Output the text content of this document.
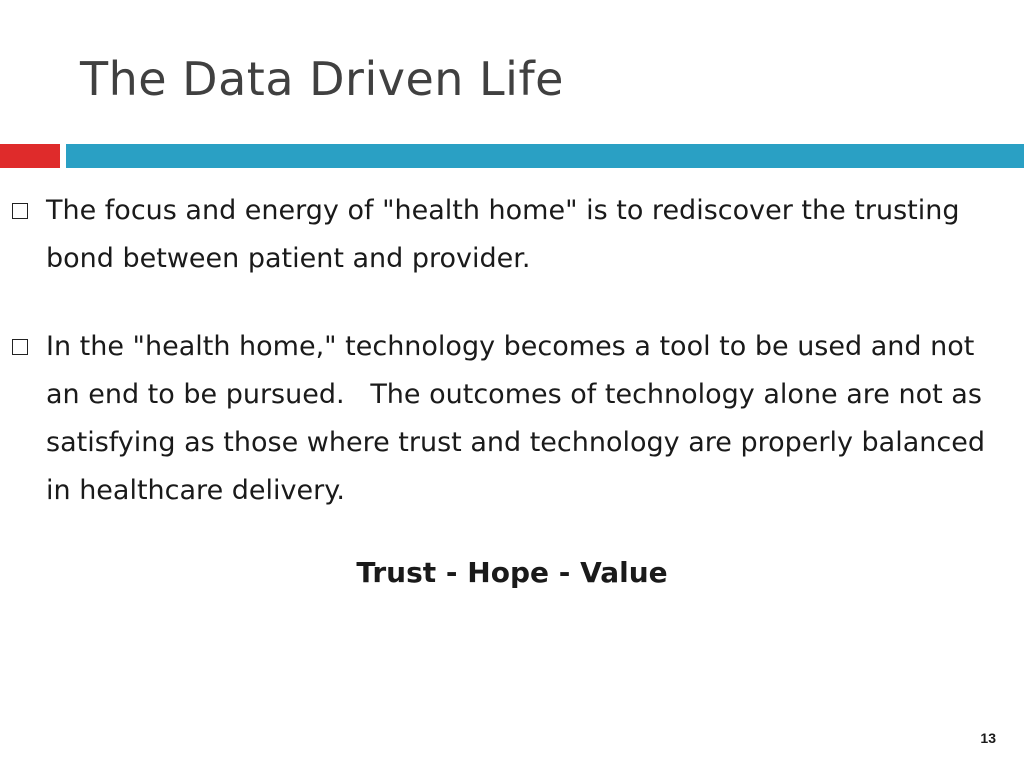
The Data Driven Life
The focus and energy of "health home" is to rediscover the trusting bond between patient and provider.
In the "health home," technology becomes a tool to be used and not an end to be pursued.   The outcomes of technology alone are not as satisfying as those where trust and technology are properly balanced in healthcare delivery.
Trust - Hope - Value
13
